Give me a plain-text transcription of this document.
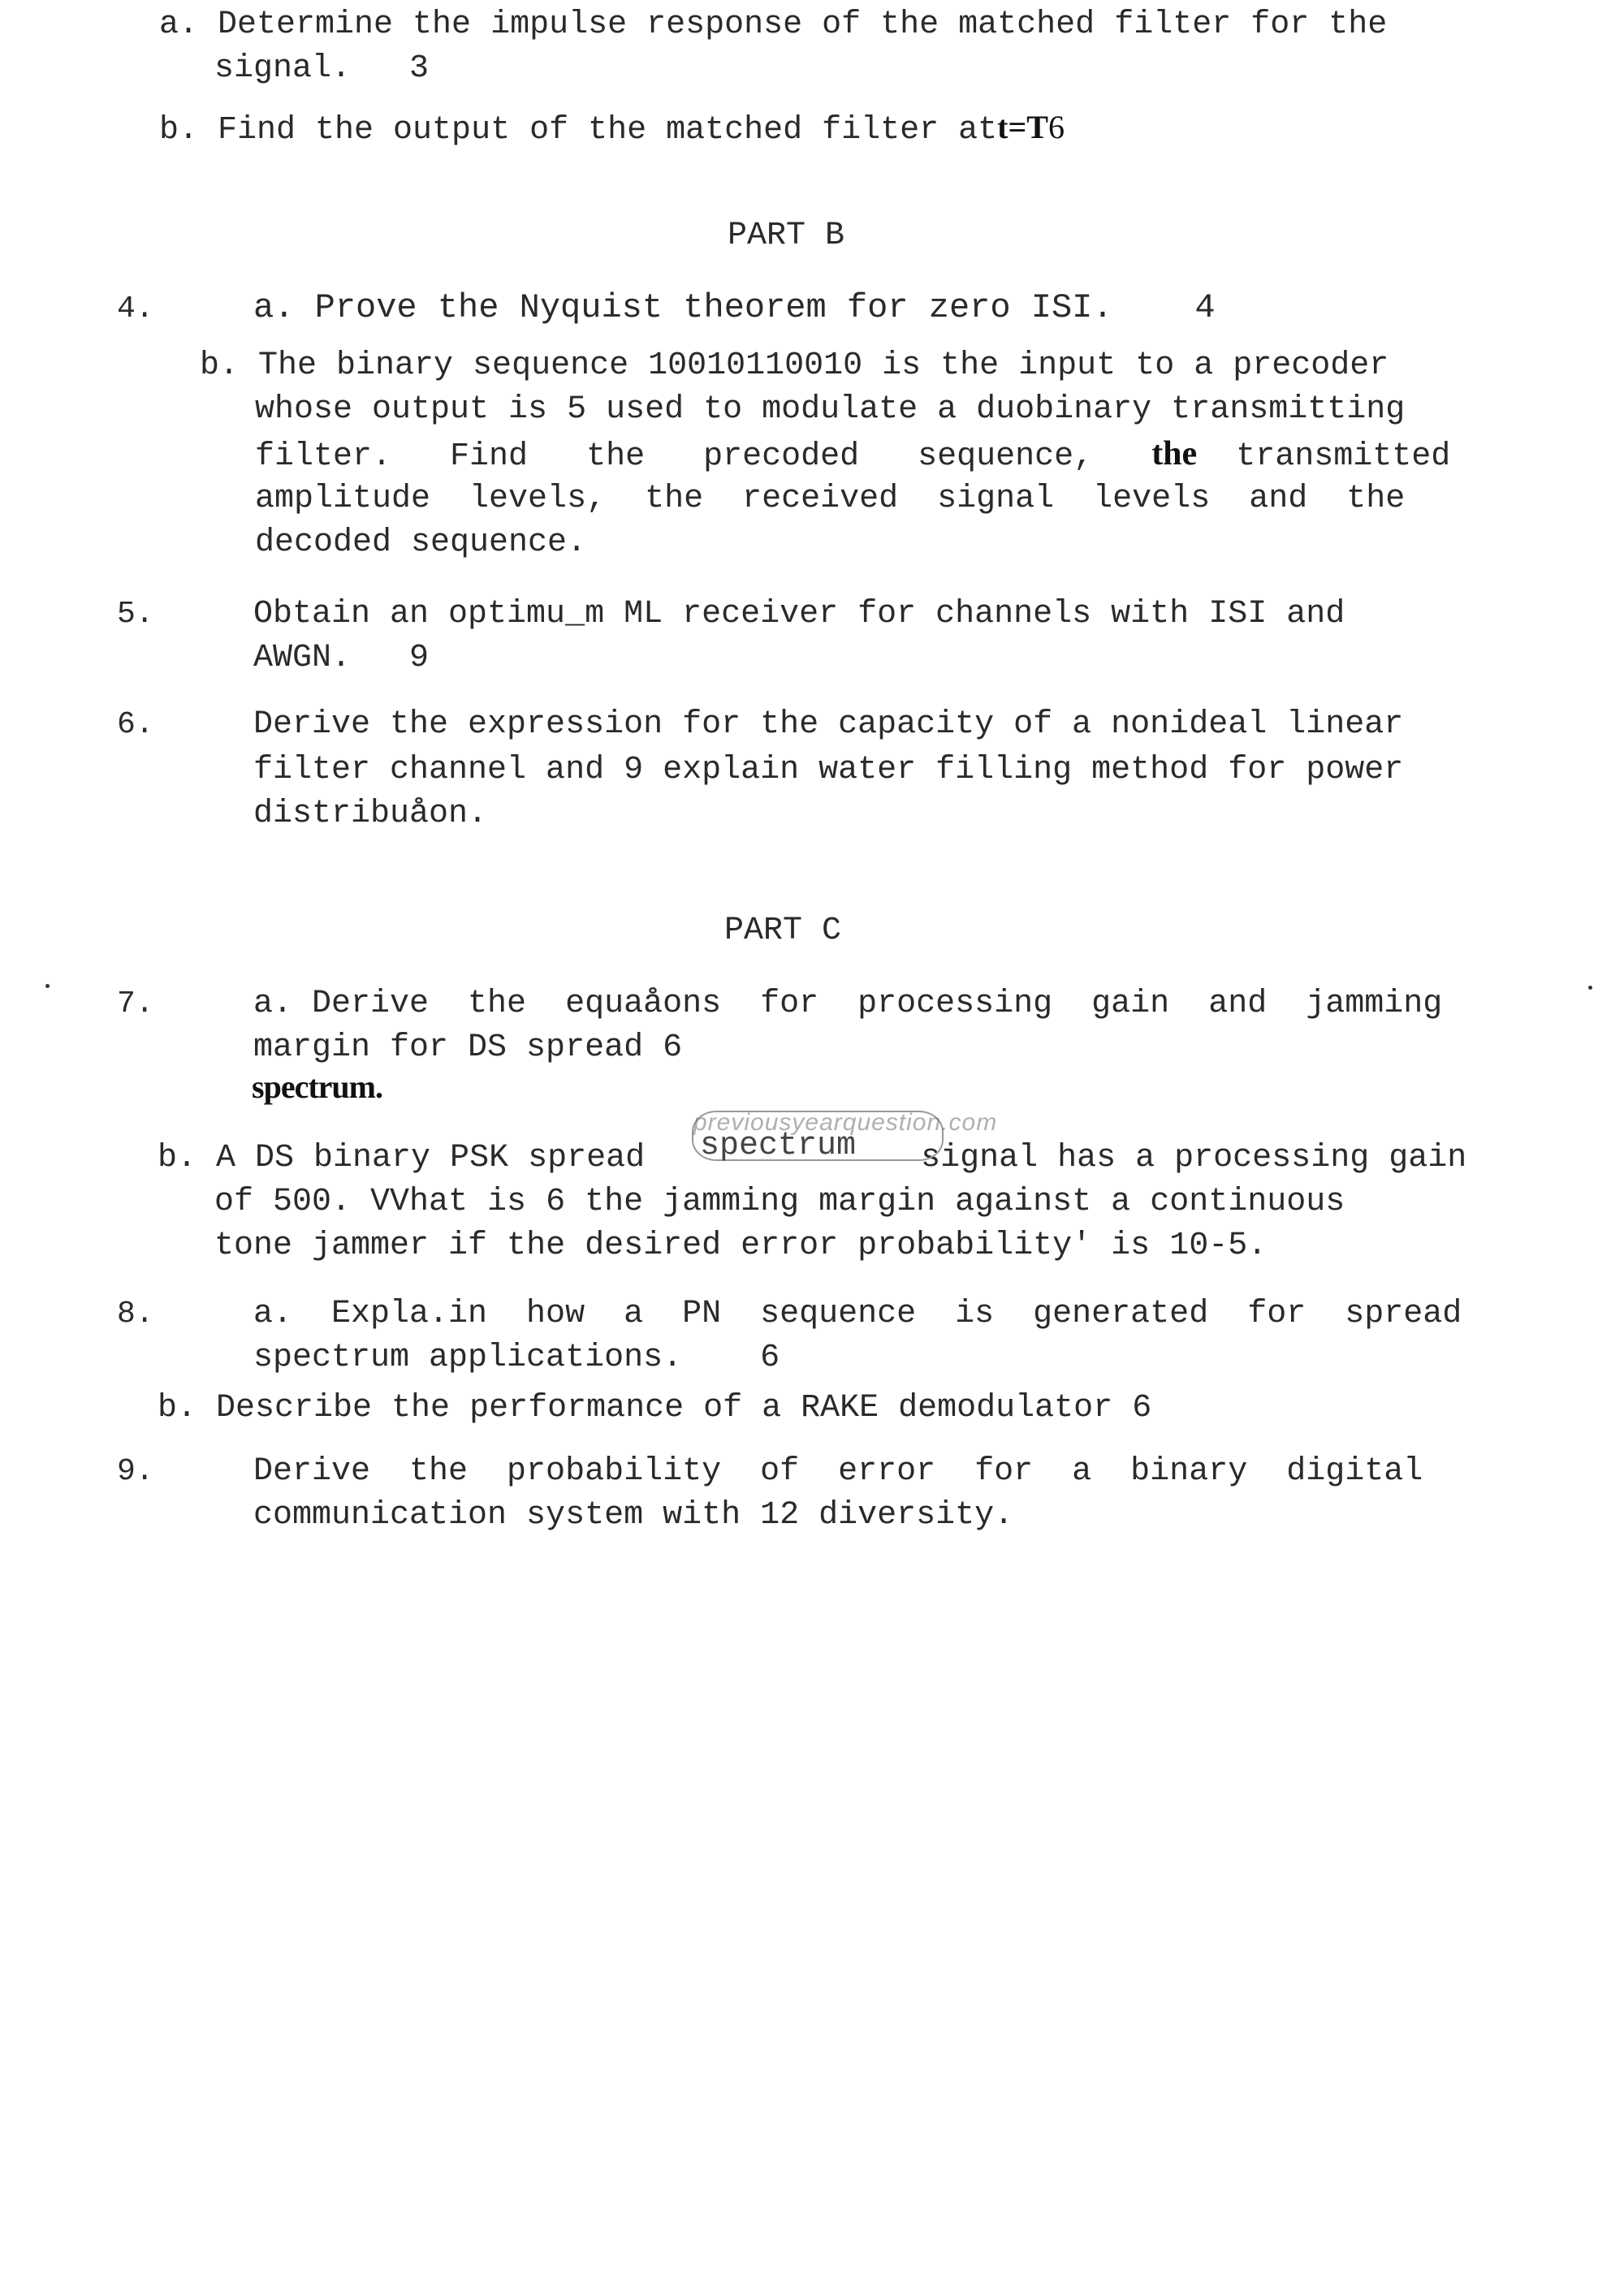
a. Determine the impulse response of the matched filter for the
signal.   3
b. Find the output of the matched filter att=T6
PART B
4.	a. Prove the Nyquist theorem for zero ISI.    4
b. The binary sequence 10010110010 is the input to a precoder
whose output is 5 used to modulate a duobinary transmitting
filter.   Find   the   precoded   sequence, the transmitted
amplitude  levels,  the  received  signal  levels  and  the
decoded sequence.
5.	Obtain an optimu_m ML receiver for channels with ISI and
AWGN.   9
6.	Derive the expression for the capacity of a nonideal linear
filter channel and 9 explain water filling method for power
distribuåon.
PART C
7.	a. Derive  the  equaåons  for  processing  gain  and  jamming
margin for DS spread 6
spectrum.
b. A DS binary PSK spread	signal has a processing gain
previousyearquestion.com
spectrum
of 500. VVhat is 6 the jamming margin against a continuous
tone jammer if the desired error probability' is 10-5.
8.	a.  Expla.in  how  a  PN  sequence  is  generated  for  spread
spectrum applications.    6
b. Describe the performance of a RAKE demodulator 6
9.	Derive  the  probability  of  error  for  a  binary  digital
communication system with 12 diversity.
